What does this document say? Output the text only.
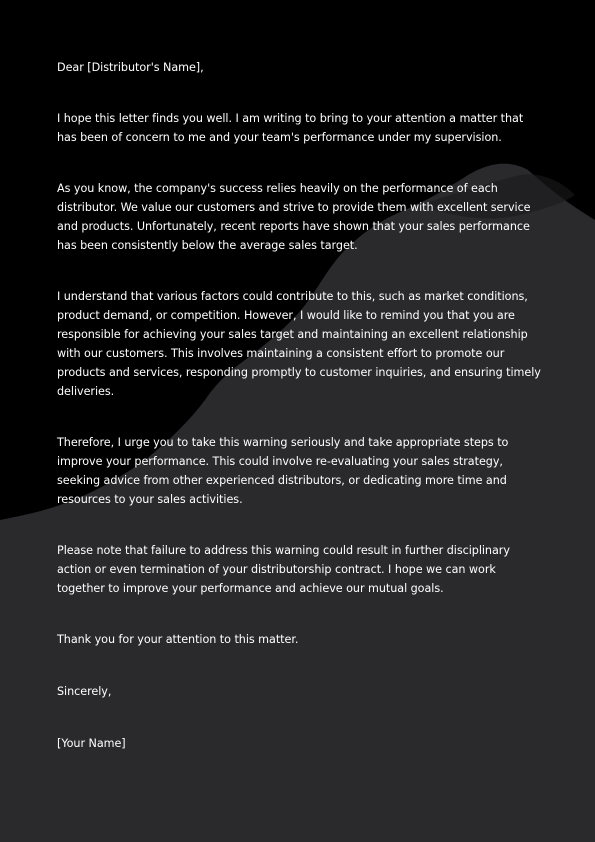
Dear [Distributor's Name],

I hope this letter finds you well. I am writing to bring to your attention a matter that has been of concern to me and your team's performance under my supervision.

As you know, the company's success relies heavily on the performance of each distributor. We value our customers and strive to provide them with excellent service and products. Unfortunately, recent reports have shown that your sales performance has been consistently below the average sales target.

I understand that various factors could contribute to this, such as market conditions, product demand, or competition. However, I would like to remind you that you are responsible for achieving your sales target and maintaining an excellent relationship with our customers. This involves maintaining a consistent effort to promote our products and services, responding promptly to customer inquiries, and ensuring timely deliveries.

Therefore, I urge you to take this warning seriously and take appropriate steps to improve your performance. This could involve re-evaluating your sales strategy, seeking advice from other experienced distributors, or dedicating more time and resources to your sales activities.

Please note that failure to address this warning could result in further disciplinary action or even termination of your distributorship contract. I hope we can work together to improve your performance and achieve our mutual goals.

Thank you for your attention to this matter.

Sincerely,

[Your Name]
